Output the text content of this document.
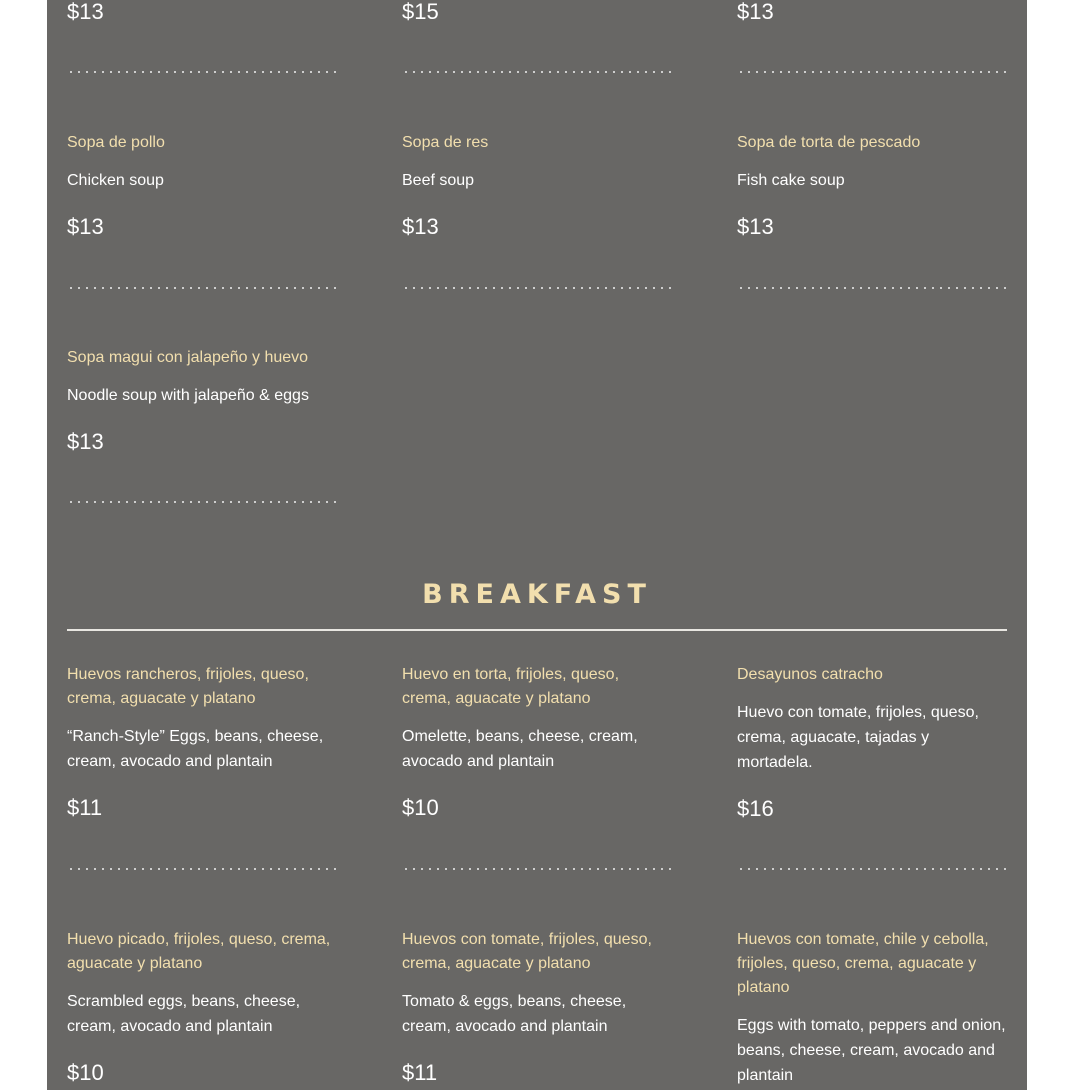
$13	$15	$13

Sopa de pollo

Chicken soup

$13

Sopa de res

Beef soup

$13

Sopa de torta de pescado

Fish cake soup

$13

Sopa magui con jalapeño y huevo

Noodle soup with jalapeño & eggs

$13

BREAKFAST

Huevos rancheros, frijoles, queso, crema, aguacate y platano

“Ranch-Style” Eggs, beans, cheese, cream, avocado and plantain

$11

Huevo en torta, frijoles, queso, crema, aguacate y platano

Omelette, beans, cheese, cream, avocado and plantain

$10

Desayunos catracho

Huevo con tomate, frijoles, queso, crema, aguacate, tajadas y mortadela.

$16

Huevo picado, frijoles, queso, crema, aguacate y platano

Scrambled eggs, beans, cheese, cream, avocado and plantain

$10

Huevos con tomate, frijoles, queso, crema, aguacate y platano

Tomato & eggs, beans, cheese, cream, avocado and plantain

$11

Huevos con tomate, chile y cebolla, frijoles, queso, crema, aguacate y platano

Eggs with tomato, peppers and onion, beans, cheese, cream, avocado and plantain
